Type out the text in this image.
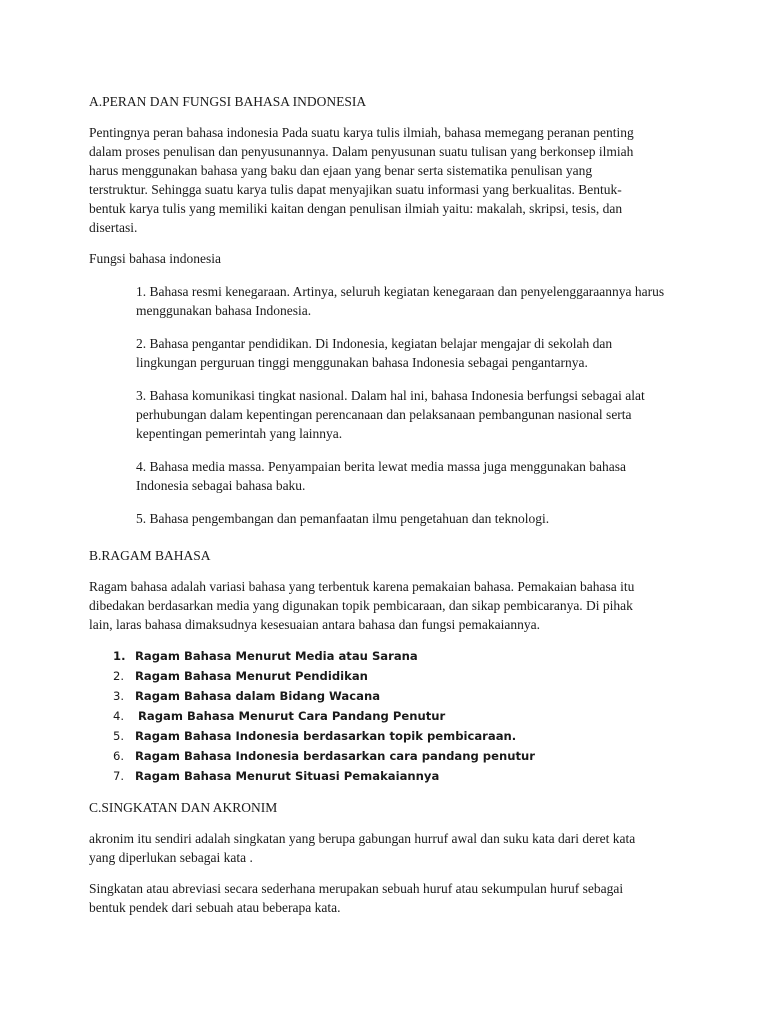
A.PERAN DAN FUNGSI BAHASA INDONESIA
Pentingnya peran bahasa indonesia Pada suatu karya tulis ilmiah, bahasa memegang peranan penting dalam proses penulisan dan penyusunannya. Dalam penyusunan suatu tulisan yang berkonsep ilmiah harus menggunakan bahasa yang baku dan ejaan yang benar serta sistematika penulisan yang terstruktur. Sehingga suatu karya tulis dapat menyajikan suatu informasi yang berkualitas. Bentuk-bentuk karya tulis yang memiliki kaitan dengan penulisan ilmiah yaitu: makalah, skripsi, tesis, dan disertasi.
Fungsi bahasa indonesia
1. Bahasa resmi kenegaraan. Artinya, seluruh kegiatan kenegaraan dan penyelenggaraannya harus menggunakan bahasa Indonesia.
2. Bahasa pengantar pendidikan. Di Indonesia, kegiatan belajar mengajar di sekolah dan lingkungan perguruan tinggi menggunakan bahasa Indonesia sebagai pengantarnya.
3. Bahasa komunikasi tingkat nasional. Dalam hal ini, bahasa Indonesia berfungsi sebagai alat perhubungan dalam kepentingan perencanaan dan pelaksanaan pembangunan nasional serta kepentingan pemerintah yang lainnya.
4. Bahasa media massa. Penyampaian berita lewat media massa juga menggunakan bahasa Indonesia sebagai bahasa baku.
5. Bahasa pengembangan dan pemanfaatan ilmu pengetahuan dan teknologi.
B.RAGAM BAHASA
Ragam bahasa adalah variasi bahasa yang terbentuk karena pemakaian bahasa. Pemakaian bahasa itu dibedakan berdasarkan media yang digunakan topik pembicaraan, dan sikap pembicaranya. Di pihak lain, laras bahasa dimaksudnya kesesuaian antara bahasa dan fungsi pemakaiannya.
1. Ragam Bahasa Menurut Media atau Sarana
2. Ragam Bahasa Menurut Pendidikan
3. Ragam Bahasa dalam Bidang Wacana
4.	Ragam Bahasa Menurut Cara Pandang Penutur
5. Ragam Bahasa Indonesia berdasarkan topik pembicaraan.
6. Ragam Bahasa Indonesia berdasarkan cara pandang penutur
7. Ragam Bahasa Menurut Situasi Pemakaiannya
C.SINGKATAN DAN AKRONIM
akronim itu sendiri adalah singkatan yang berupa gabungan hurruf awal dan suku kata dari deret kata yang diperlukan sebagai kata .
Singkatan atau abreviasi secara sederhana merupakan sebuah huruf atau sekumpulan huruf sebagai bentuk pendek dari sebuah atau beberapa kata.
